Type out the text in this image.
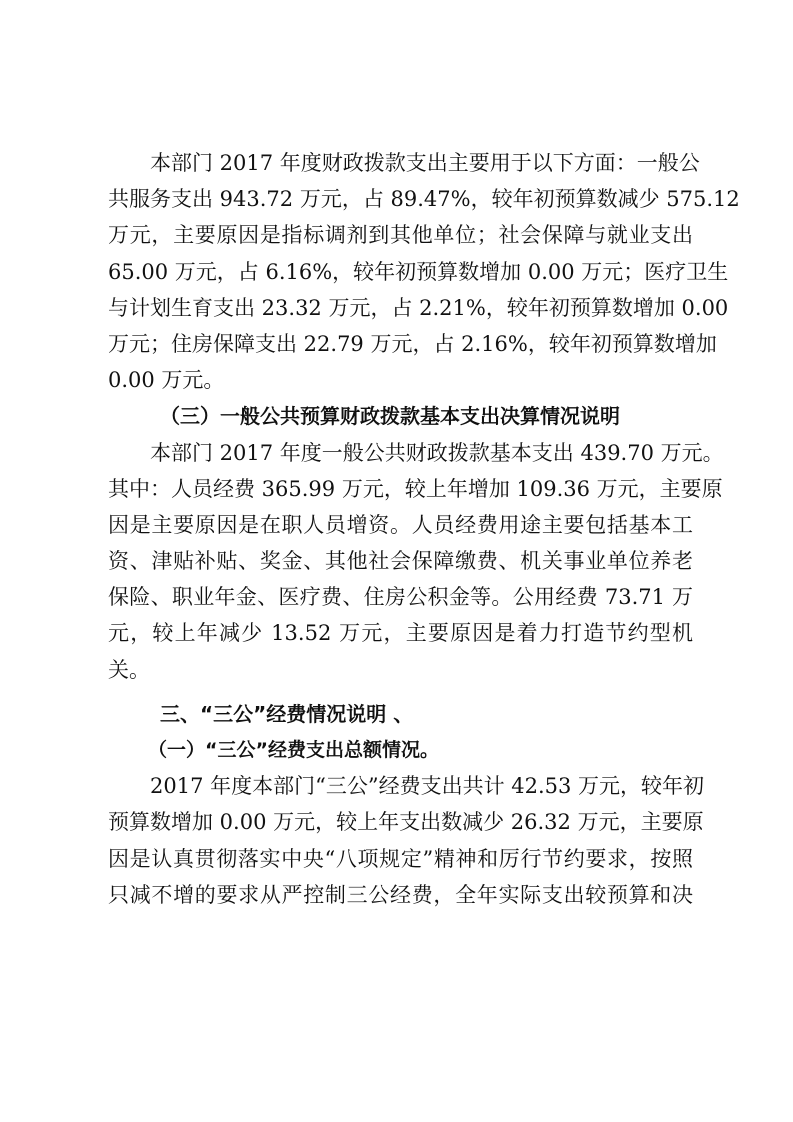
本部门 2017 年度财政拨款支出主要用于以下方面：一般公
共服务支出 943.72 万元，占 89.47%，较年初预算数减少 575.12
万元，主要原因是指标调剂到其他单位；社会保障与就业支出
65.00 万元，占 6.16%，较年初预算数增加 0.00 万元；医疗卫生
与计划生育支出 23.32 万元，占 2.21%，较年初预算数增加 0.00
万元；住房保障支出 22.79 万元，占 2.16%，较年初预算数增加
0.00 万元。
（三）一般公共预算财政拨款基本支出决算情况说明
本部门 2017 年度一般公共财政拨款基本支出 439.70 万元。
其中：人员经费 365.99 万元，较上年增加 109.36 万元，主要原
因是主要原因是在职人员增资。人员经费用途主要包括基本工
资、津贴补贴、奖金、其他社会保障缴费、机关事业单位养老
保险、职业年金、医疗费、住房公积金等。公用经费 73.71 万
元，较上年减少 13.52 万元，主要原因是着力打造节约型机
关。
三、“三公”经费情况说明 、
（一）“三公”经费支出总额情况。
2017 年度本部门“三公”经费支出共计 42.53 万元，较年初
预算数增加 0.00 万元，较上年支出数减少 26.32 万元，主要原
因是认真贯彻落实中央“八项规定”精神和厉行节约要求，按照
只减不增的要求从严控制三公经费，全年实际支出较预算和决
